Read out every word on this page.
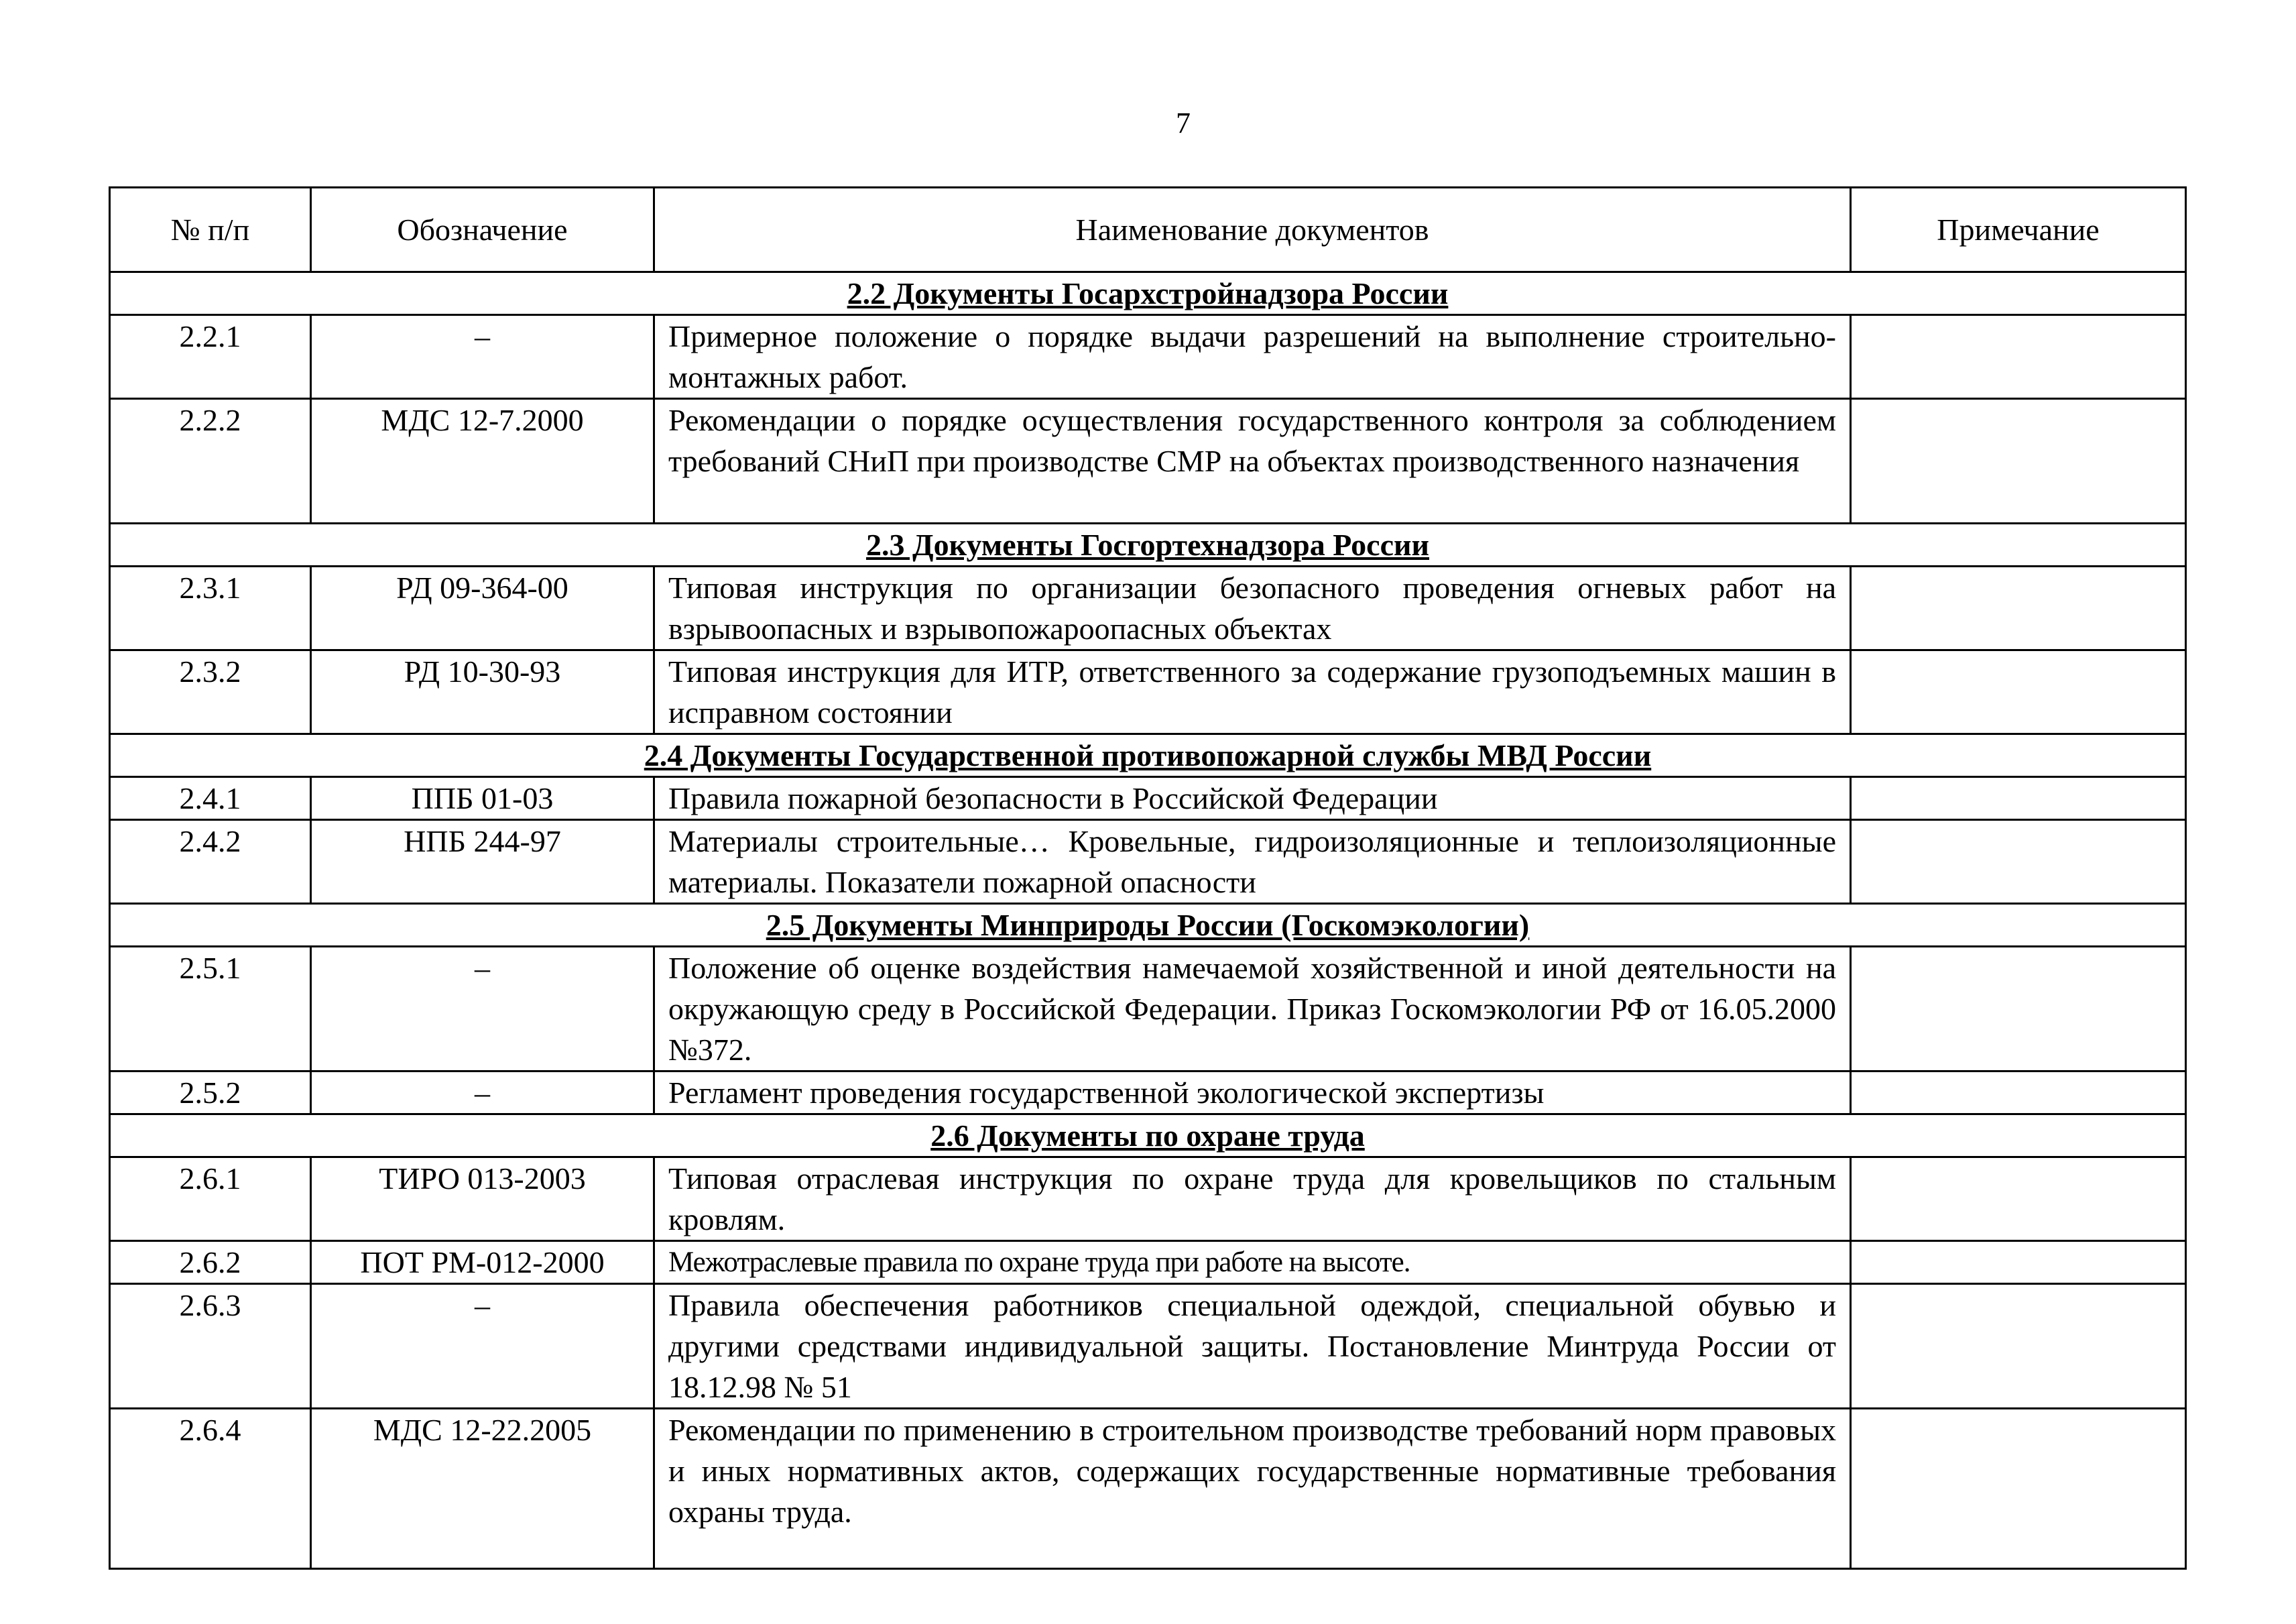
7
№ п/п	Обозначение	Наименование документов	Примечание
2.2 Документы Госархстройнадзора России			
2.2.1	–	Примерное положение о порядке выдачи разрешений на выполнение строительно-монтажных работ.	
2.2.2	МДС 12-7.2000	Рекомендации о порядке осуществления государственного контроля за соблюдением требований СНиП при производстве СМР на объектах производственного назначения	
2.3 Документы Госгортехнадзора России			
2.3.1	РД 09-364-00	Типовая инструкция по организации безопасного проведения огневых работ на взрывоопасных и взрывопожароопасных объектах	
2.3.2	РД 10-30-93	Типовая инструкция для ИТР, ответственного за содержание грузоподъемных машин в исправном состоянии	
2.4 Документы Государственной противопожарной службы МВД России			
2.4.1	ППБ 01-03	Правила пожарной безопасности в Российской Федерации	
2.4.2	НПБ 244-97	Материалы строительные… Кровельные, гидроизоляционные и теплоизоляционные материалы. Показатели пожарной опасности	
2.5 Документы Минприроды России (Госкомэкологии)			
2.5.1	–	Положение об оценке воздействия намечаемой хозяйственной и иной деятельности на окружающую среду в Российской Федерации. Приказ Госкомэкологии РФ от 16.05.2000 №372.	
2.5.2	–	Регламент проведения государственной экологической экспертизы	
2.6 Документы по охране труда			
2.6.1	ТИРО 013-2003	Типовая отраслевая инструкция по охране труда для кровельщиков по стальным кровлям.	
2.6.2	ПОТ РМ-012-2000	Межотраслевые правила по охране труда при работе на высоте.	
2.6.3	–	Правила обеспечения работников специальной одеждой, специальной обувью и другими средствами индивидуальной защиты. Постановление Минтруда России от 18.12.98 № 51	
2.6.4	МДС 12-22.2005	Рекомендации по применению в строительном производстве требований норм правовых и иных нормативных актов, содержащих государственные нормативные требования охраны труда.	
